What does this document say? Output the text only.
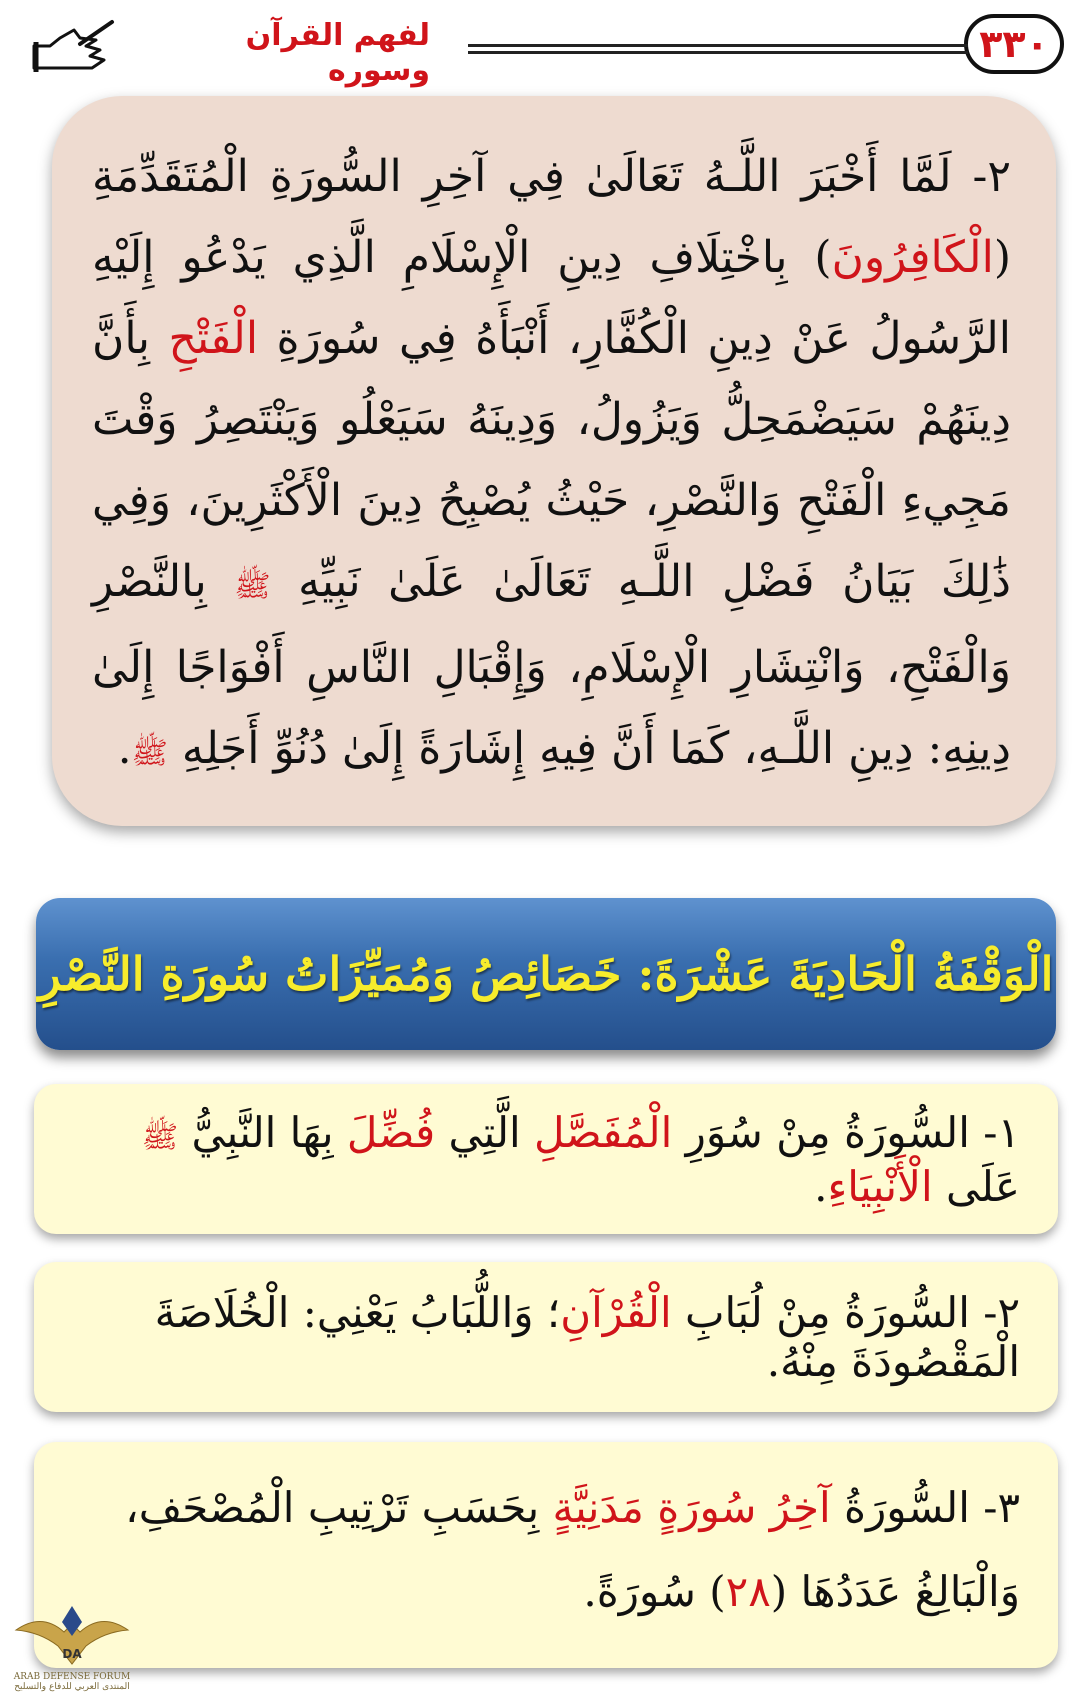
٣٣٠
لفهم القرآن وسوره
٢- لَمَّا أَخْبَرَ اللَّـهُ تَعَالَىٰ فِي آخِرِ السُّورَةِ الْمُتَقَدِّمَةِ (الْكَافِرُونَ) بِاخْتِلَافِ دِينِ الْإِسْلَامِ الَّذِي يَدْعُو إِلَيْهِ الرَّسُولُ عَنْ دِينِ الْكُفَّارِ، أَنْبَأَهُ فِي سُورَةِ الْفَتْحِ بِأَنَّ دِينَهُمْ سَيَضْمَحِلُّ وَيَزُولُ، وَدِينَهُ سَيَعْلُو وَيَنْتَصِرُ وَقْتَ مَجِيءِ الْفَتْحِ وَالنَّصْرِ، حَيْثُ يُصْبِحُ دِينَ الْأَكْثَرِينَ، وَفِي ذَٰلِكَ بَيَانُ فَضْلِ اللَّـهِ تَعَالَىٰ عَلَىٰ نَبِيِّهِ ﷺ بِالنَّصْرِ وَالْفَتْحِ، وَانْتِشَارِ الْإِسْلَامِ، وَإِقْبَالِ النَّاسِ أَفْوَاجًا إِلَىٰ دِينِهِ: دِينِ اللَّـهِ، كَمَا أَنَّ فِيهِ إِشَارَةً إِلَىٰ دُنُوِّ أَجَلِهِ ﷺ.
الْوَقْفَةُ الْحَادِيَةَ عَشْرَةَ: خَصَائِصُ وَمُمَيِّزَاتُ سُورَةِ النَّصْرِ
١- السُّورَةُ مِنْ سُوَرِ الْمُفَصَّلِ الَّتِي فُضِّلَ بِهَا النَّبِيُّ ﷺ عَلَى الْأَنْبِيَاءِ.
٢- السُّورَةُ مِنْ لُبَابِ الْقُرْآنِ؛ وَاللُّبَابُ يَعْنِي: الْخُلَاصَةَ الْمَقْصُودَةَ مِنْهُ.
٣- السُّورَةُ آخِرُ سُورَةٍ مَدَنِيَّةٍ بِحَسَبِ تَرْتِيبِ الْمُصْحَفِ، وَالْبَالِغُ عَدَدُهَا (٢٨) سُورَةً.
DA
ARAB DEFENSE FORUM
المنتدى العربي للدفاع والتسليح
